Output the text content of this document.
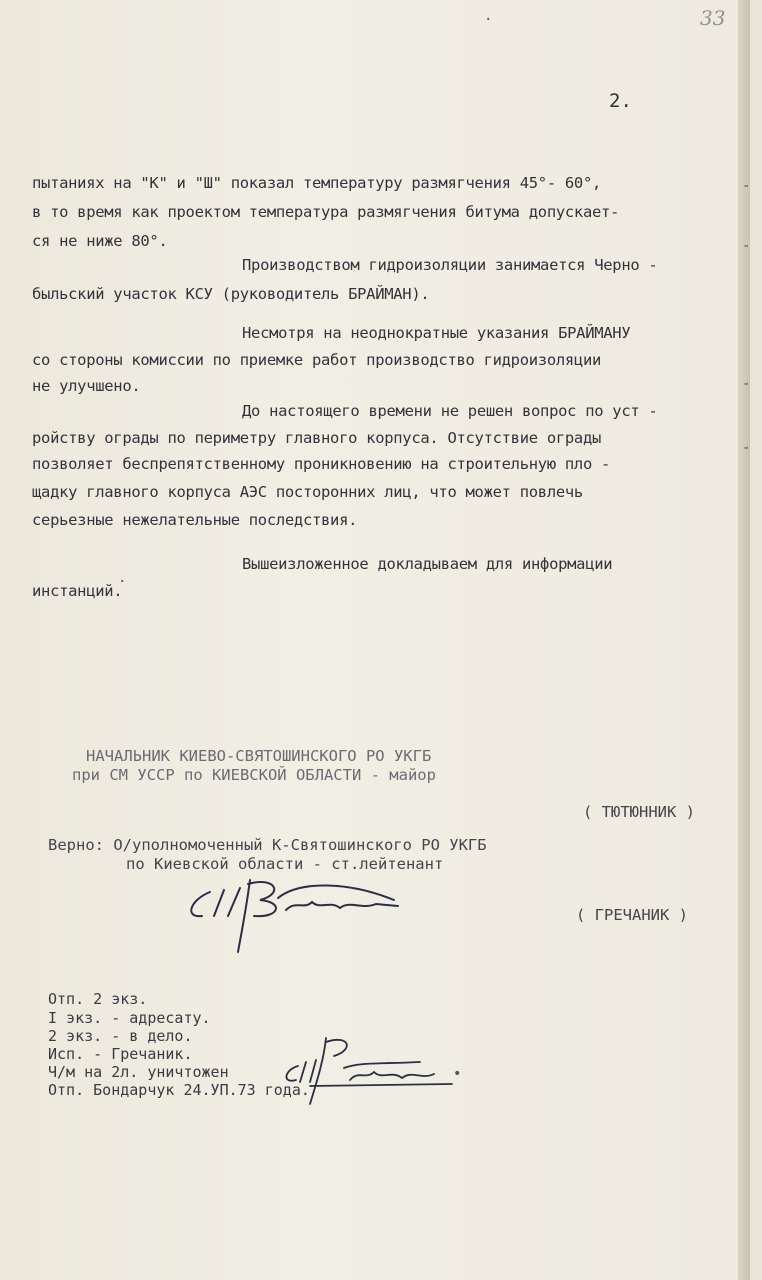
33
2.
пытаниях на "К" и "Ш" показал температуру размягчения 45°- 60°,
в то время как проектом температура размягчения битума допускает-
ся не ниже 80°.
Производством гидроизоляции занимается Черно -
быльский участок КСУ (руководитель БРАЙМАН).
Несмотря на неоднократные указания БРАЙМАНУ
со стороны комиссии по приемке работ производство гидроизоляции
не улучшено.
До настоящего времени не решен вопрос по уст -
ройству ограды по периметру главного корпуса. Отсутствие ограды
позволяет беспрепятственному проникновению на строительную пло -
щадку главного корпуса АЭС посторонних лиц, что может повлечь
серьезные нежелательные последствия.
Вышеизложенное докладываем для информации
инстанций.
НАЧАЛЬНИК КИЕВО-СВЯТОШИНСКОГО РО УКГБ
при СМ УССР по КИЕВСКОЙ ОБЛАСТИ - майор
( ТЮТЮННИК )
Верно: О/уполномоченный К-Святошинского РО УКГБ
по Киевской области - ст.лейтенант
( ГРЕЧАНИК )
Отп. 2 экз.
I экз. - адресату.
2 экз. - в дело.
Исп. - Гречаник.
Ч/м на 2л. уничтожен
Отп. Бондарчук 24.УП.73 года.
•
-
-
-
-
·
·
